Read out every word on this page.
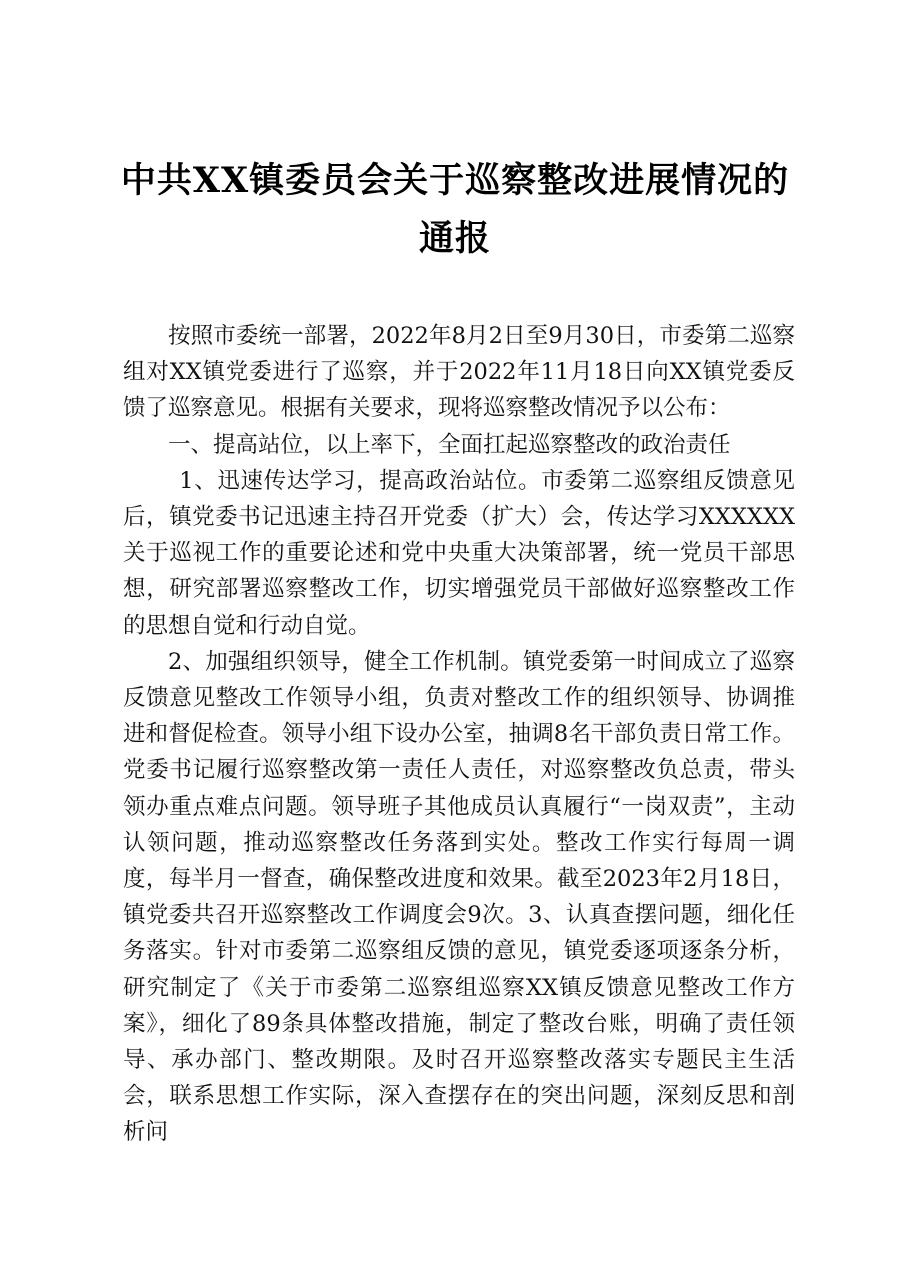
中共XX镇委员会关于巡察整改进展情况的通报

按照市委统一部署，2022年8月2日至9月30日，市委第二巡察组对XX镇党委进行了巡察，并于2022年11月18日向XX镇党委反馈了巡察意见。根据有关要求，现将巡察整改情况予以公布：

一、提高站位，以上率下，全面扛起巡察整改的政治责任

1、迅速传达学习，提高政治站位。市委第二巡察组反馈意见后，镇党委书记迅速主持召开党委（扩大）会，传达学习XXXXXX关于巡视工作的重要论述和党中央重大决策部署，统一党员干部思想，研究部署巡察整改工作，切实增强党员干部做好巡察整改工作的思想自觉和行动自觉。

2、加强组织领导，健全工作机制。镇党委第一时间成立了巡察反馈意见整改工作领导小组，负责对整改工作的组织领导、协调推进和督促检查。领导小组下设办公室，抽调8名干部负责日常工作。党委书记履行巡察整改第一责任人责任，对巡察整改负总责，带头领办重点难点问题。领导班子其他成员认真履行“一岗双责”，主动认领问题，推动巡察整改任务落到实处。整改工作实行每周一调度，每半月一督查，确保整改进度和效果。截至2023年2月18日，镇党委共召开巡察整改工作调度会9次。3、认真查摆问题，细化任务落实。针对市委第二巡察组反馈的意见，镇党委逐项逐条分析，研究制定了《关于市委第二巡察组巡察XX镇反馈意见整改工作方案》，细化了89条具体整改措施，制定了整改台账，明确了责任领导、承办部门、整改期限。及时召开巡察整改落实专题民主生活会，联系思想工作实际，深入查摆存在的突出问题，深刻反思和剖析问
